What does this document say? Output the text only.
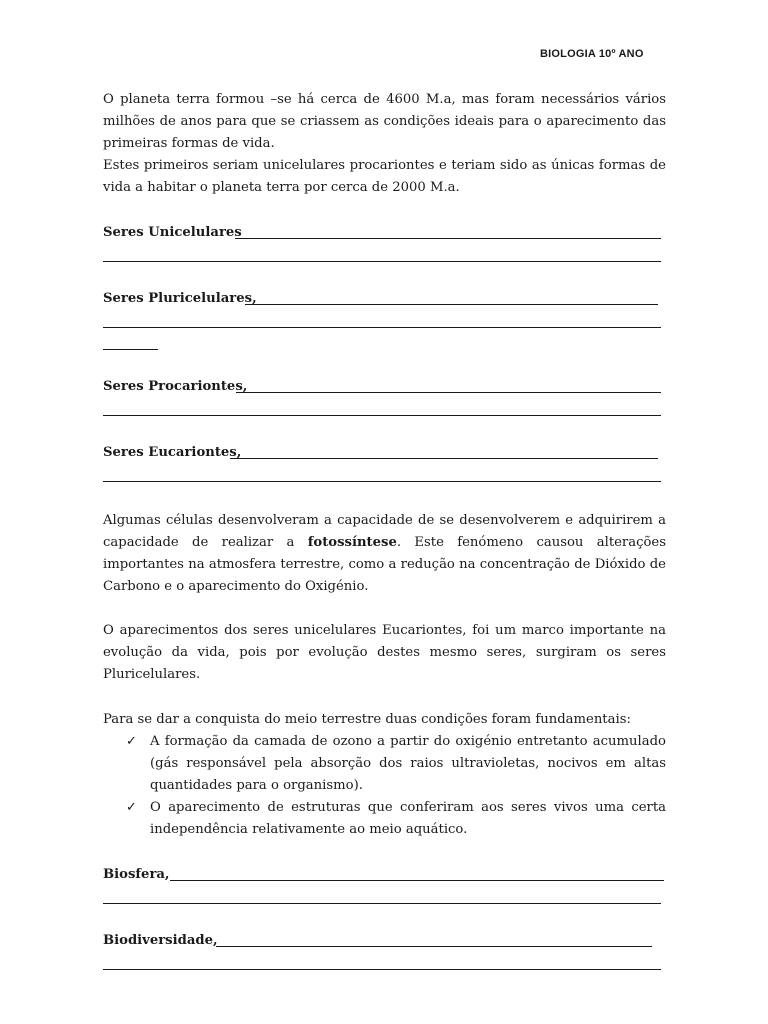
BIOLOGIA 10º ANO

O planeta terra formou –se há cerca de 4600 M.a, mas foram necessários vários milhões de anos para que se criassem as condições ideais para o aparecimento das primeiras formas de vida.

Estes primeiros seriam unicelulares procariontes e teriam sido as únicas formas de vida a habitar o planeta terra por cerca de 2000 M.a.

Seres Unicelulares
Seres Pluricelulares,
Seres Procariontes,
Seres Eucariontes,

Algumas células desenvolveram a capacidade de se desenvolverem e adquirirem a capacidade de realizar a fotossíntese. Este fenómeno causou alterações importantes na atmosfera terrestre, como a redução na concentração de Dióxido de Carbono e o aparecimento do Oxigénio.

O aparecimentos dos seres unicelulares Eucariontes, foi um marco importante na evolução da vida, pois por evolução destes mesmo seres, surgiram os seres Pluricelulares.

Para se dar a conquista do meio terrestre duas condições foram fundamentais:

✓ A formação da camada de ozono a partir do oxigénio entretanto acumulado (gás responsável pela absorção dos raios ultravioletas, nocivos em altas quantidades para o organismo).
✓ O aparecimento de estruturas que conferiram aos seres vivos uma certa independência relativamente ao meio aquático.
Biosfera,
Biodiversidade,
